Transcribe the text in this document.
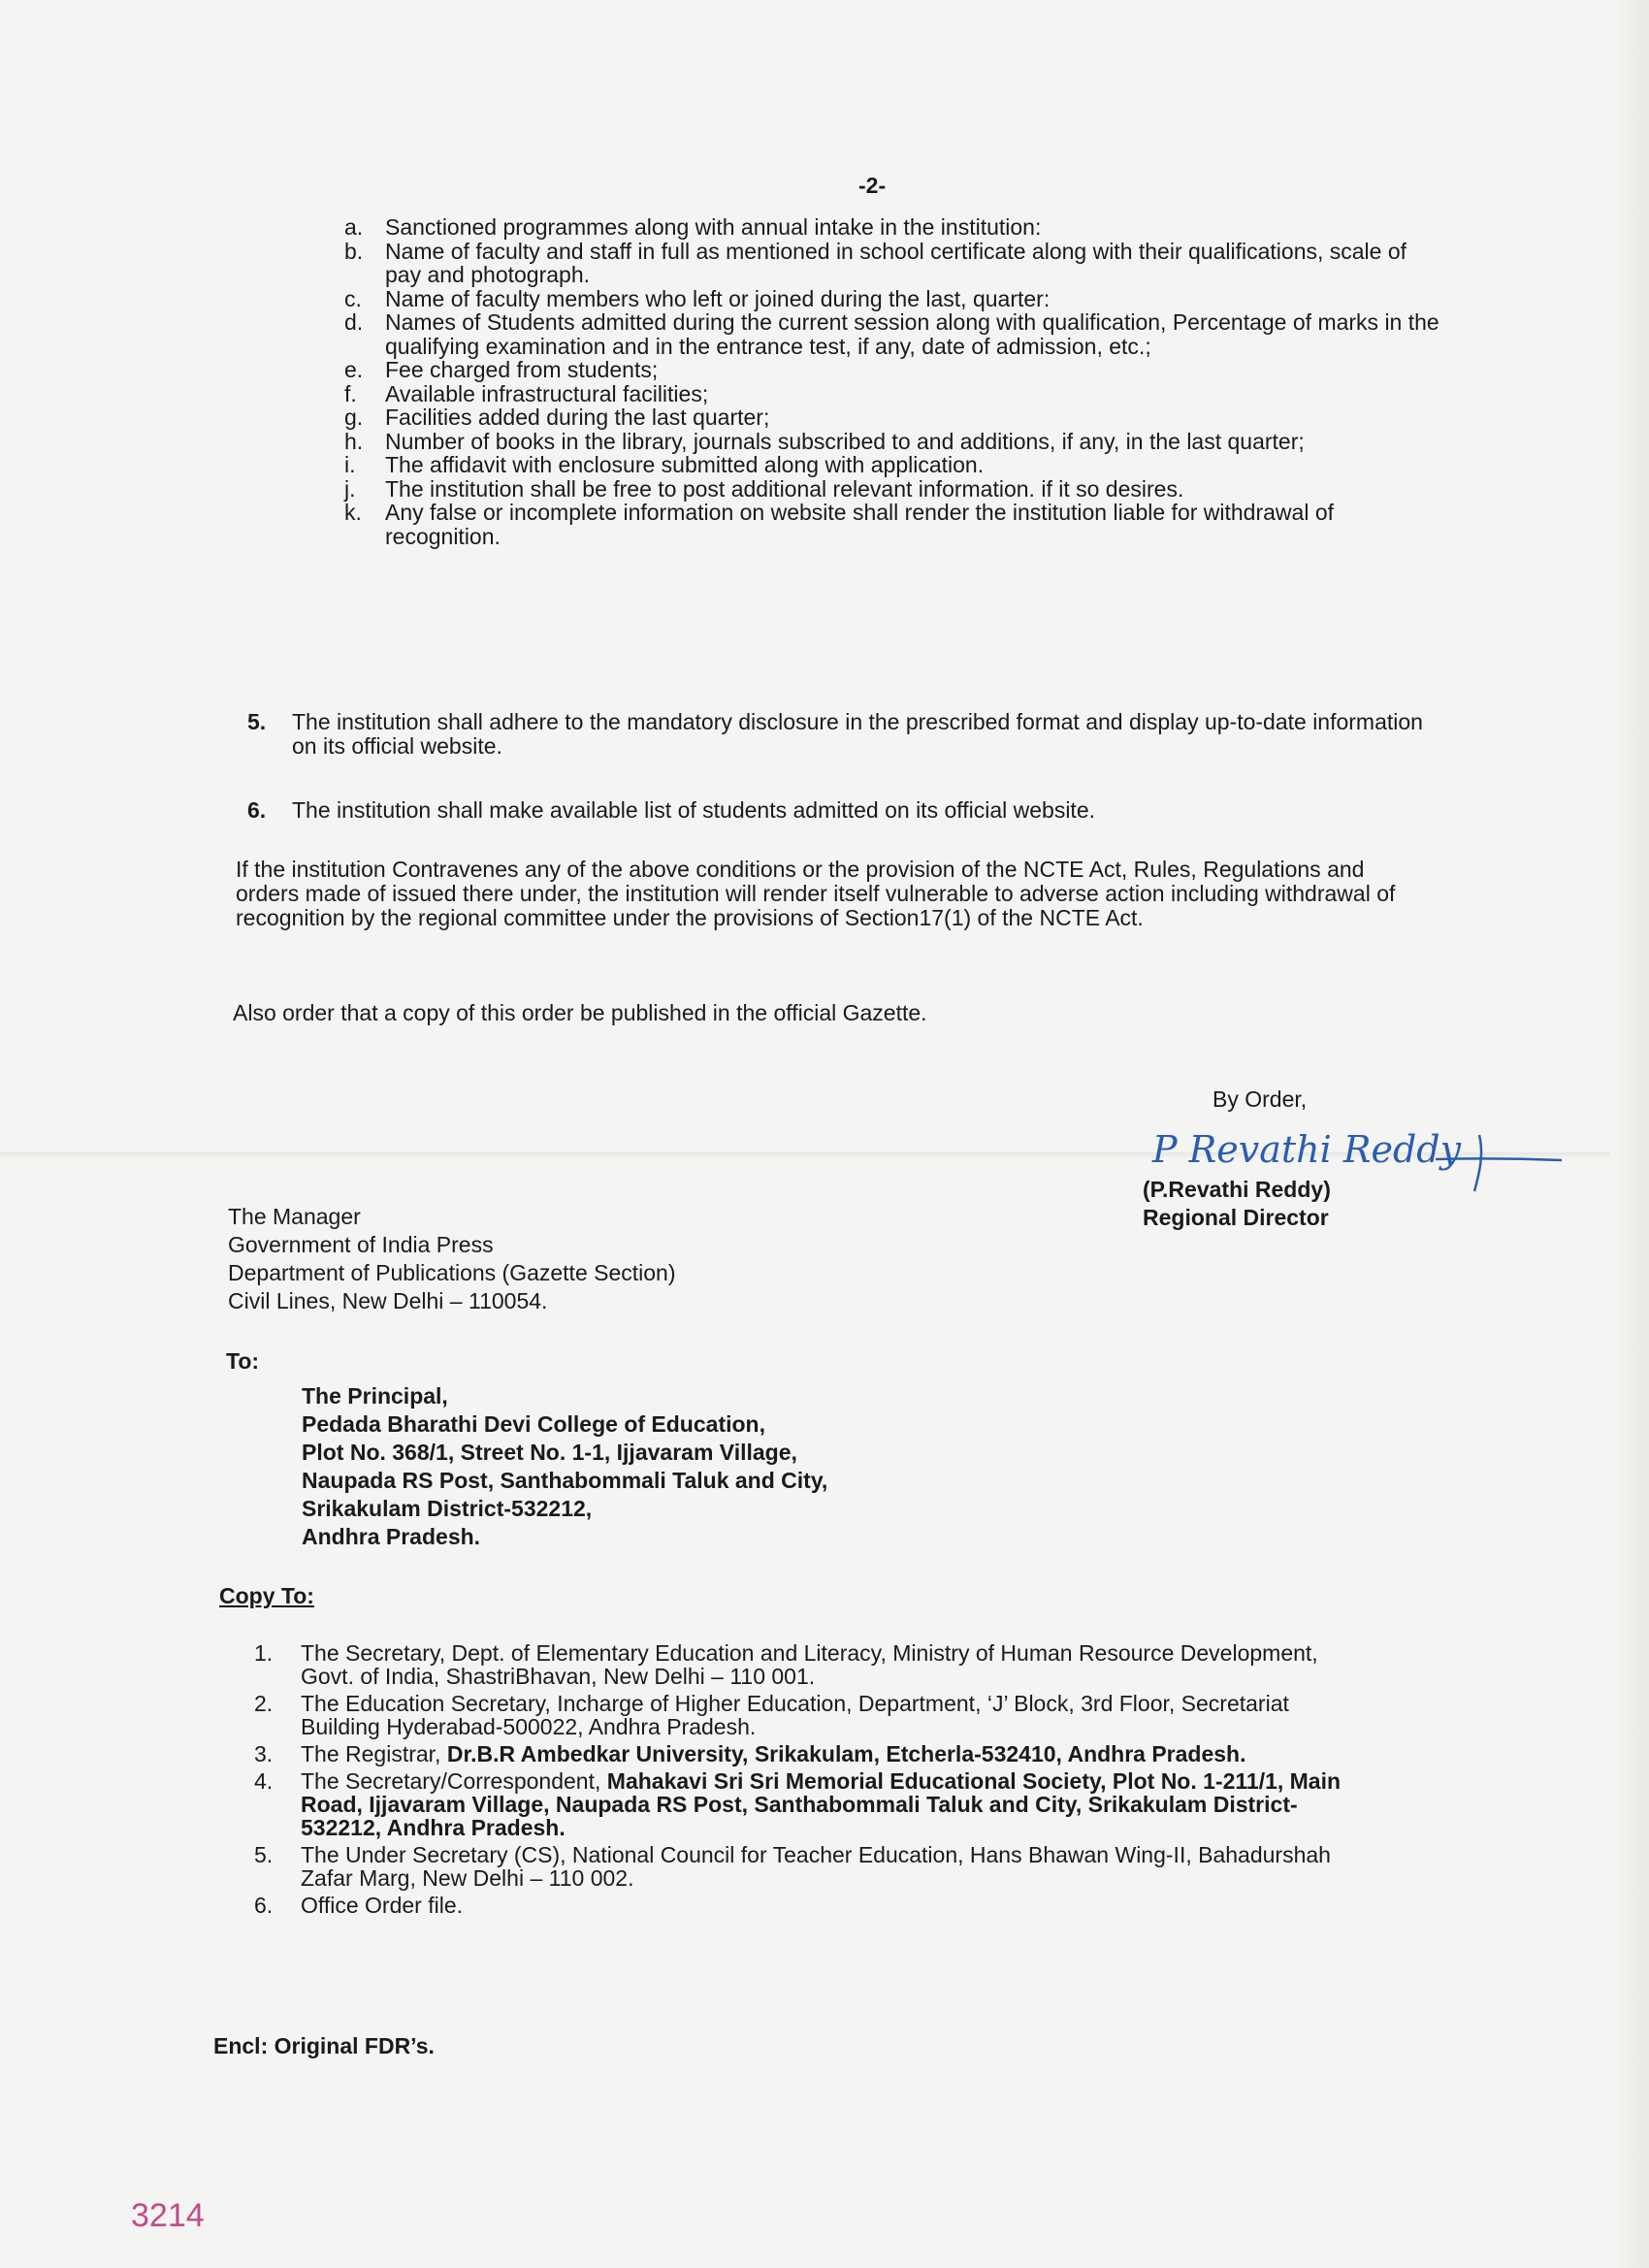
-2-
a. Sanctioned programmes along with annual intake in the institution:
b. Name of faculty and staff in full as mentioned in school certificate along with their qualifications, scale of pay and photograph.
c. Name of faculty members who left or joined during the last, quarter:
d. Names of Students admitted during the current session along with qualification, Percentage of marks in the qualifying examination and in the entrance test, if any, date of admission, etc.;
e. Fee charged from students;
f. Available infrastructural facilities;
g. Facilities added during the last quarter;
h. Number of books in the library, journals subscribed to and additions, if any, in the last quarter;
i. The affidavit with enclosure submitted along with application.
j. The institution shall be free to post additional relevant information. if it so desires.
k. Any false or incomplete information on website shall render the institution liable for withdrawal of recognition.
5. The institution shall adhere to the mandatory disclosure in the prescribed format and display up-to-date information on its official website.
6. The institution shall make available list of students admitted on its official website.
If the institution Contravenes any of the above conditions or the provision of the NCTE Act, Rules, Regulations and orders made of issued there under, the institution will render itself vulnerable to adverse action including withdrawal of recognition by the regional committee under the provisions of Section17(1) of the NCTE Act.
Also order that a copy of this order be published in the official Gazette.
By Order,
P Revathi Reddy
(P.Revathi Reddy)
Regional Director
The Manager
Government of India Press
Department of Publications (Gazette Section)
Civil Lines, New Delhi – 110054.
To:
The Principal,
Pedada Bharathi Devi College of Education,
Plot No. 368/1, Street No. 1-1, Ijjavaram Village,
Naupada RS Post, Santhabommali Taluk and City,
Srikakulam District-532212,
Andhra Pradesh.
Copy To:
1. The Secretary, Dept. of Elementary Education and Literacy, Ministry of Human Resource Development, Govt. of India, ShastriBhavan, New Delhi – 110 001.
2. The Education Secretary, Incharge of Higher Education, Department, ‘J’ Block, 3rd Floor, Secretariat Building Hyderabad-500022, Andhra Pradesh.
3. The Registrar, Dr.B.R Ambedkar University, Srikakulam, Etcherla-532410, Andhra Pradesh.
4. The Secretary/Correspondent, Mahakavi Sri Sri Memorial Educational Society, Plot No. 1-211/1, Main Road, Ijjavaram Village, Naupada RS Post, Santhabommali Taluk and City, Srikakulam District-532212, Andhra Pradesh.
5. The Under Secretary (CS), National Council for Teacher Education, Hans Bhawan Wing-II, Bahadurshah Zafar Marg, New Delhi – 110 002.
6. Office Order file.
Encl: Original FDR’s.
3214
